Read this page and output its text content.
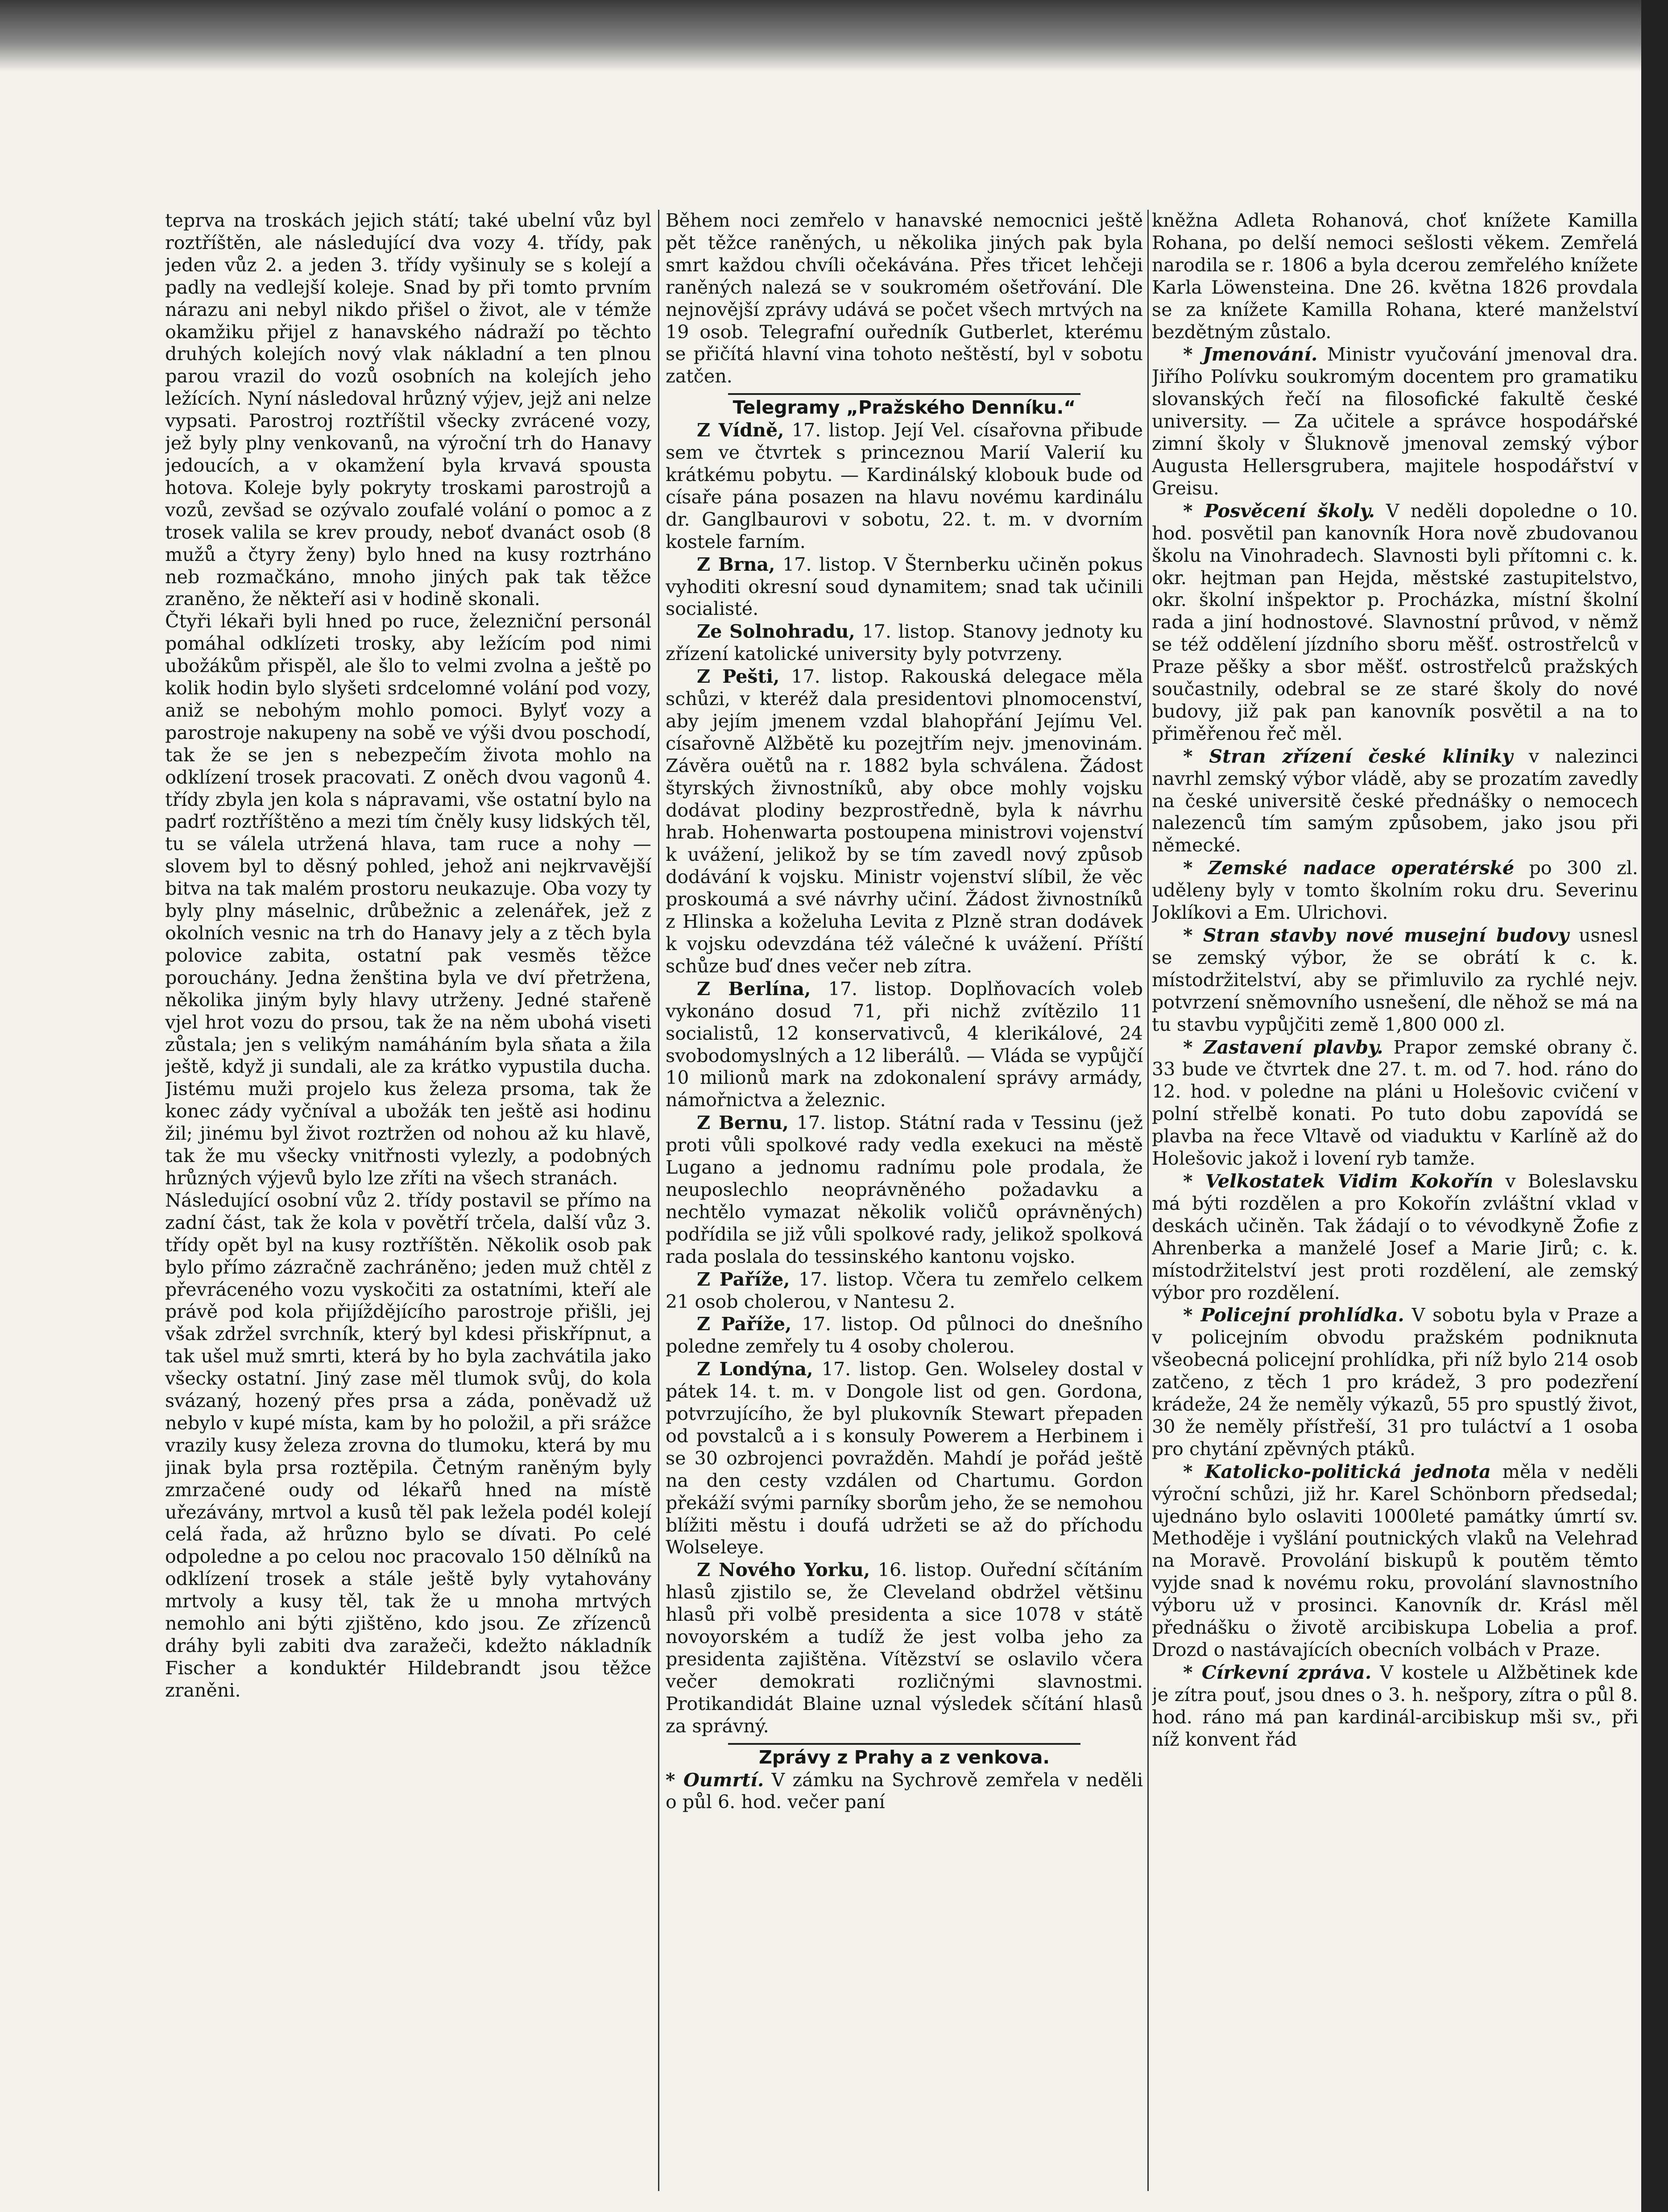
teprva na troskách jejich státí; také ubelní vůz byl roztříštěn, ale následující dva vozy 4. třídy, pak jeden vůz 2. a jeden 3. třídy vyšinuly se s kolejí a padly na vedlejší koleje. Snad by při tomto prvním nárazu ani nebyl nikdo přišel o život, ale v témže okamžiku přijel z hanavského nádraží po těchto druhých kolejích nový vlak nákladní a ten plnou parou vrazil do vozů osobních na kolejích jeho ležících. Nyní následoval hrůzný výjev, jejž ani nelze vypsati. Parostroj roztříštil všecky zvrácené vozy, jež byly plny venkovanů, na výroční trh do Hanavy jedoucích, a v okamžení byla krvavá spousta hotova. Koleje byly pokryty troskami parostrojů a vozů, zevšad se ozývalo zoufalé volání o pomoc a z trosek valila se krev proudy, neboť dvanáct osob (8 mužů a čtyry ženy) bylo hned na kusy roztrháno neb rozmačkáno, mnoho jiných pak tak těžce zraněno, že někteří asi v hodině skonali.

Čtyři lékaři byli hned po ruce, železniční personál pomáhal odklízeti trosky, aby ležícím pod nimi ubožákům přispěl, ale šlo to velmi zvolna a ještě po kolik hodin bylo slyšeti srdcelomné volání pod vozy, aniž se nebohým mohlo pomoci. Bylyť vozy a parostroje nakupeny na sobě ve výši dvou poschodí, tak že se jen s nebezpečím života mohlo na odklízení trosek pracovati. Z oněch dvou vagonů 4. třídy zbyla jen kola s nápravami, vše ostatní bylo na padrť roztříštěno a mezi tím čněly kusy lidských těl, tu se válela utržená hlava, tam ruce a nohy — slovem byl to děsný pohled, jehož ani nejkrvavější bitva na tak malém prostoru neukazuje. Oba vozy ty byly plny máselnic, drůbežnic a zelenářek, jež z okolních vesnic na trh do Hanavy jely a z těch byla polovice zabita, ostatní pak vesměs těžce porouchány. Jedna ženština byla ve dví přetržena, několika jiným byly hlavy utrženy. Jedné stařeně vjel hrot vozu do prsou, tak že na něm ubohá viseti zůstala; jen s velikým namáháním byla sňata a žila ještě, když ji sundali, ale za krátko vypustila ducha. Jistému muži projelo kus železa prsoma, tak že konec zády vyčníval a ubožák ten ještě asi hodinu žil; jinému byl život roztržen od nohou až ku hlavě, tak že mu všecky vnitřnosti vylezly, a podobných hrůzných výjevů bylo lze zříti na všech stranách.

Následující osobní vůz 2. třídy postavil se přímo na zadní část, tak že kola v povětří trčela, další vůz 3. třídy opět byl na kusy roztříštěn. Několik osob pak bylo přímo zázračně zachráněno; jeden muž chtěl z převráceného vozu vyskočiti za ostatními, kteří ale právě pod kola přijíždějícího parostroje přišli, jej však zdržel svrchník, který byl kdesi přiskřípnut, a tak ušel muž smrti, která by ho byla zachvátila jako všecky ostatní. Jiný zase měl tlumok svůj, do kola svázaný, hozený přes prsa a záda, poněvadž už nebylo v kupé místa, kam by ho položil, a při srážce vrazily kusy železa zrovna do tlumoku, která by mu jinak byla prsa roztěpila. Četným raněným byly zmrzačené oudy od lékařů hned na místě uřezávány, mrtvol a kusů těl pak ležela podél kolejí celá řada, až hrůzno bylo se dívati. Po celé odpoledne a po celou noc pracovalo 150 dělníků na odklízení trosek a stále ještě byly vytahovány mrtvoly a kusy těl, tak že u mnoha mrtvých nemohlo ani býti zjištěno, kdo jsou. Ze zřízenců dráhy byli zabiti dva zaražeči, kdežto nákladník Fischer a konduktér Hildebrandt jsou těžce zraněni.

Během noci zemřelo v hanavské nemocnici ještě pět těžce raněných, u několika jiných pak byla smrt každou chvíli očekávána. Přes třicet lehčeji raněných nalezá se v soukromém ošetřování. Dle nejnovější zprávy udává se počet všech mrtvých na 19 osob. Telegrafní ouředník Gutberlet, kterému se přičítá hlavní vina tohoto neštěstí, byl v sobotu zatčen.

Telegramy „Pražského Denníku.“

Z Vídně, 17. listop. Její Vel. císařovna přibude sem ve čtvrtek s princeznou Marií Valerií ku krátkému pobytu. — Kardinálský klobouk bude od císaře pána posazen na hlavu novému kardinálu dr. Ganglbaurovi v sobotu, 22. t. m. v dvorním kostele farním.

Z Brna, 17. listop. V Šternberku učiněn pokus vyhoditi okresní soud dynamitem; snad tak učinili socialisté.

Ze Solnohradu, 17. listop. Stanovy jednoty ku zřízení katolické university byly potvrzeny.

Z Pešti, 17. listop. Rakouská delegace měla schůzi, v kteréž dala presidentovi plnomocenství, aby jejím jmenem vzdal blahopřání Jejímu Vel. císařovně Alžbětě ku pozejtřím nejv. jmenovinám. Závěra ouětů na r. 1882 byla schválena. Žádost štyrských živnostníků, aby obce mohly vojsku dodávat plodiny bezprostředně, byla k návrhu hrab. Hohenwarta postoupena ministrovi vojenství k uvážení, jelikož by se tím zavedl nový způsob dodávání k vojsku. Ministr vojenství slíbil, že věc proskoumá a své návrhy učiní. Žádost živnostníků z Hlinska a koželuha Levita z Plzně stran dodávek k vojsku odevzdána též válečné k uvážení. Příští schůze buď dnes večer neb zítra.

Z Berlína, 17. listop. Doplňovacích voleb vykonáno dosud 71, při nichž zvítězilo 11 socialistů, 12 konservativců, 4 klerikálové, 24 svobodomyslných a 12 liberálů. — Vláda se vypůjčí 10 milionů mark na zdokonalení správy armády, námořnictva a železnic.

Z Bernu, 17. listop. Státní rada v Tessinu (jež proti vůli spolkové rady vedla exekuci na městě Lugano a jednomu radnímu pole prodala, že neuposlechlo neoprávněného požadavku a nechtělo vymazat několik voličů oprávněných) podřídila se již vůli spolkové rady, jelikož spolková rada poslala do tessinského kantonu vojsko.

Z Paříže, 17. listop. Včera tu zemřelo celkem 21 osob cholerou, v Nantesu 2.

Z Paříže, 17. listop. Od půlnoci do dnešního poledne zemřely tu 4 osoby cholerou.

Z Londýna, 17. listop. Gen. Wolseley dostal v pátek 14. t. m. v Dongole list od gen. Gordona, potvrzujícího, že byl plukovník Stewart přepaden od povstalců a i s konsuly Powerem a Herbinem i se 30 ozbrojenci povražděn. Mahdí je pořád ještě na den cesty vzdálen od Chartumu. Gordon překáží svými parníky sborům jeho, že se nemohou blížiti městu i doufá udržeti se až do příchodu Wolseleye.

Z Nového Yorku, 16. listop. Ouřední sčítáním hlasů zjistilo se, že Cleveland obdržel většinu hlasů při volbě presidenta a sice 1078 v státě novoyorském a tudíž že jest volba jeho za presidenta zajištěna. Vítězství se oslavilo včera večer demokrati rozličnými slavnostmi. Protikandidát Blaine uznal výsledek sčítání hlasů za správný.

Zprávy z Prahy a z venkova.

* Oumrtí. V zámku na Sychrově zemřela v neděli o půl 6. hod. večer paní

kněžna Adleta Rohanová, choť knížete Kamilla Rohana, po delší nemoci sešlosti věkem. Zemřelá narodila se r. 1806 a byla dcerou zemřelého knížete Karla Löwensteina. Dne 26. května 1826 provdala se za knížete Kamilla Rohana, které manželství bezdětným zůstalo.

* Jmenování. Ministr vyučování jmenoval dra. Jiřího Polívku soukromým docentem pro gramatiku slovanských řečí na filosofické fakultě české university. — Za učitele a správce hospodářské zimní školy v Šluknově jmenoval zemský výbor Augusta Hellersgrubera, majitele hospodářství v Greisu.

* Posvěcení školy. V neděli dopoledne o 10. hod. posvětil pan kanovník Hora nově zbudovanou školu na Vinohradech. Slavnosti byli přítomni c. k. okr. hejtman pan Hejda, městské zastupitelstvo, okr. školní inšpektor p. Procházka, místní školní rada a jiní hodnostové. Slavnostní průvod, v němž se též oddělení jízdního sboru měšť. ostrostřelců v Praze pěšky a sbor měšť. ostrostřelců pražských součastnily, odebral se ze staré školy do nové budovy, již pak pan kanovník posvětil a na to přiměřenou řeč měl.

* Stran zřízení české kliniky v nalezinci navrhl zemský výbor vládě, aby se prozatím zavedly na české universitě české přednášky o nemocech nalezenců tím samým způsobem, jako jsou při německé.

* Zemské nadace operatérské po 300 zl. uděleny byly v tomto školním roku dru. Severinu Joklíkovi a Em. Ulrichovi.

* Stran stavby nové musejní budovy usnesl se zemský výbor, že se obrátí k c. k. místodržitelství, aby se přimluvilo za rychlé nejv. potvrzení sněmovního usnešení, dle něhož se má na tu stavbu vypůjčiti země 1,800 000 zl.

* Zastavení plavby. Prapor zemské obrany č. 33 bude ve čtvrtek dne 27. t. m. od 7. hod. ráno do 12. hod. v poledne na pláni u Holešovic cvičení v polní střelbě konati. Po tuto dobu zapovídá se plavba na řece Vltavě od viaduktu v Karlíně až do Holešovic jakož i lovení ryb tamže.

* Velkostatek Vidim Kokořín v Boleslavsku má býti rozdělen a pro Kokořín zvláštní vklad v deskách učiněn. Tak žádají o to vévodkyně Žofie z Ahrenberka a manželé Josef a Marie Jirů; c. k. místodržitelství jest proti rozdělení, ale zemský výbor pro rozdělení.

* Policejní prohlídka. V sobotu byla v Praze a v policejním obvodu pražském podniknuta všeobecná policejní prohlídka, při níž bylo 214 osob zatčeno, z těch 1 pro krádež, 3 pro podezření krádeže, 24 že neměly výkazů, 55 pro spustlý život, 30 že neměly přístřeší, 31 pro tuláctví a 1 osoba pro chytání zpěvných ptáků.

* Katolicko-politická jednota měla v neděli výroční schůzi, již hr. Karel Schönborn předsedal; ujednáno bylo oslaviti 1000leté památky úmrtí sv. Methoděje i vyšlání poutnických vlaků na Velehrad na Moravě. Provolání biskupů k poutěm těmto vyjde snad k novému roku, provolání slavnostního výboru už v prosinci. Kanovník dr. Krásl měl přednášku o životě arcibiskupa Lobelia a prof. Drozd o nastávajících obecních volbách v Praze.

* Církevní zpráva. V kostele u Alžbětinek kde je zítra pouť, jsou dnes o 3. h. nešpory, zítra o půl 8. hod. ráno má pan kardinál-arcibiskup mši sv., při níž konvent řád
